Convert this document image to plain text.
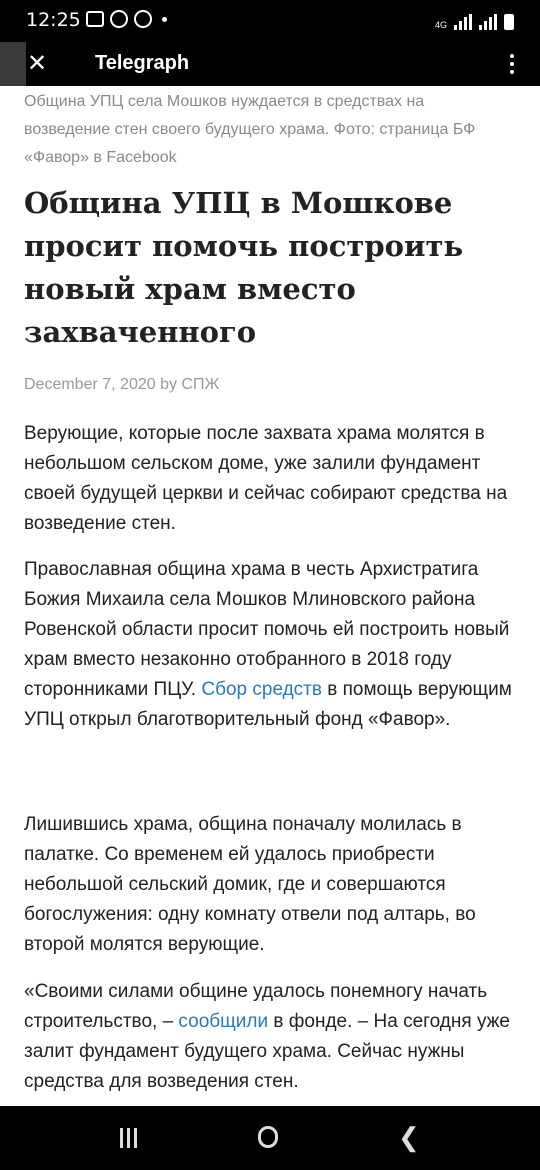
12:25	4G
✕ Telegraph
Община УПЦ села Мошков нуждается в средствах на возведение стен своего будущего храма. Фото: страница БФ «Фавор» в Facebook
Община УПЦ в Мошкове просит помочь построить новый храм вместо захваченного
December 7, 2020 by СПЖ

Верующие, которые после захвата храма молятся в небольшом сельском доме, уже залили фундамент своей будущей церкви и сейчас собирают средства на возведение стен.

Православная община храма в честь Архистратига Божия Михаила села Мошков Млиновского района Ровенской области просит помочь ей построить новый храм вместо незаконно отобранного в 2018 году сторонниками ПЦУ. Сбор средств в помощь верующим УПЦ открыл благотворительный фонд «Фавор».

Лишившись храма, община поначалу молилась в палатке. Со временем ей удалось приобрести небольшой сельский домик, где и совершаются богослужения: одну комнату отвели под алтарь, во второй молятся верующие.

«Своими силами общине удалось понемногу начать строительство, – сообщили в фонде. – На сегодня уже залит фундамент будущего храма. Сейчас нужны средства для возведения стен.

❮
